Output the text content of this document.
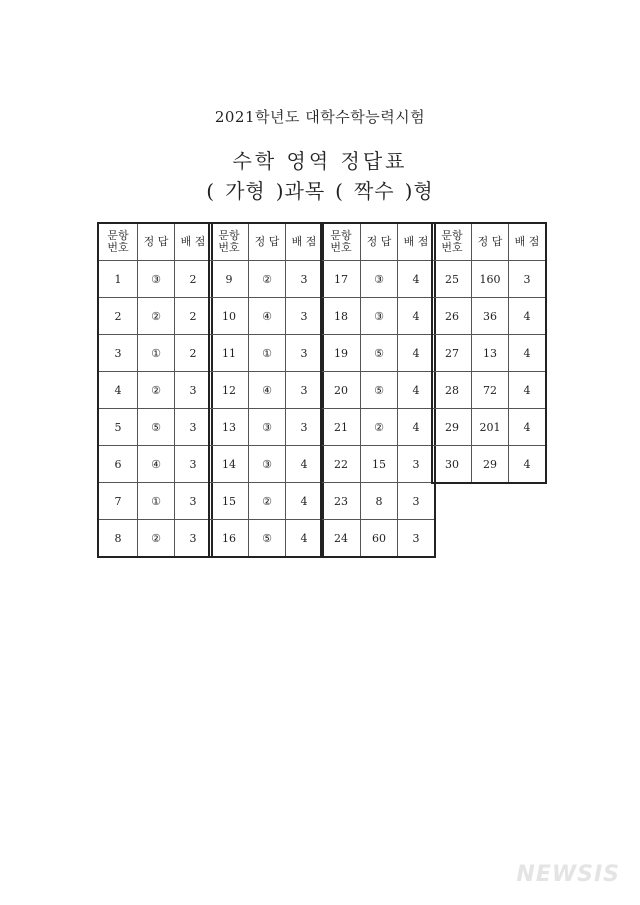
2021학년도 대학수학능력시험
수학 영역 정답표
( 가형 )과목 ( 짝수 )형
문항
번호	정 답	배 점
1	③	2
2	②	2
3	①	2
4	②	3
5	⑤	3
6	④	3
7	①	3
8	②	3
문항
번호	정 답	배 점
9	②	3
10	④	3
11	①	3
12	④	3
13	③	3
14	③	4
15	②	4
16	⑤	4
문항
번호	정 답	배 점
17	③	4
18	③	4
19	⑤	4
20	⑤	4
21	②	4
22	15	3
23	8	3
24	60	3
문항
번호	정 답	배 점
25	160	3
26	36	4
27	13	4
28	72	4
29	201	4
30	29	4
NEWSIS
